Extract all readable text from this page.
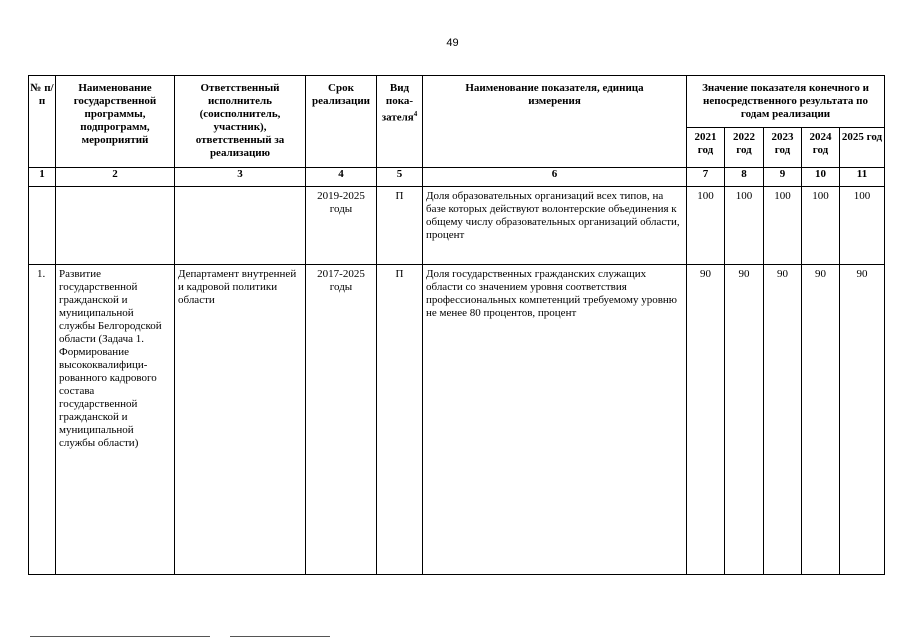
49
№ п/п	Наименование государственной программы, подпрограмм, мероприятий	Ответственный исполнитель (соисполнитель, участник), ответственный за реализацию	Срок реализации	Вид пока-зателя$^4$	Наименование показателя, единица измерения	Значение показателя конечного и непосредственного результата по годам реализации				
						2021 год	2022 год	2023 год	2024 год	2025 год
1	2	3	4	5	6	7	8	9	10	11
			2019-2025 годы	П	Доля образовательных организаций всех типов, на базе которых действуют волонтерские объединения к общему числу образовательных организаций области, процент	100	100	100	100	100
1.	Развитие государственной гражданской и муниципальной службы Белгородской области (Задача 1. Формирование высококвалифици-рованного кадрового состава государственной гражданской и муниципальной службы области)	Департамент внутренней и кадровой политики области	2017-2025 годы	П	Доля государственных гражданских служащих области со значением уровня соответствия профессиональных компетенций требуемому уровню не менее 80 процентов, процент	90	90	90	90	90
